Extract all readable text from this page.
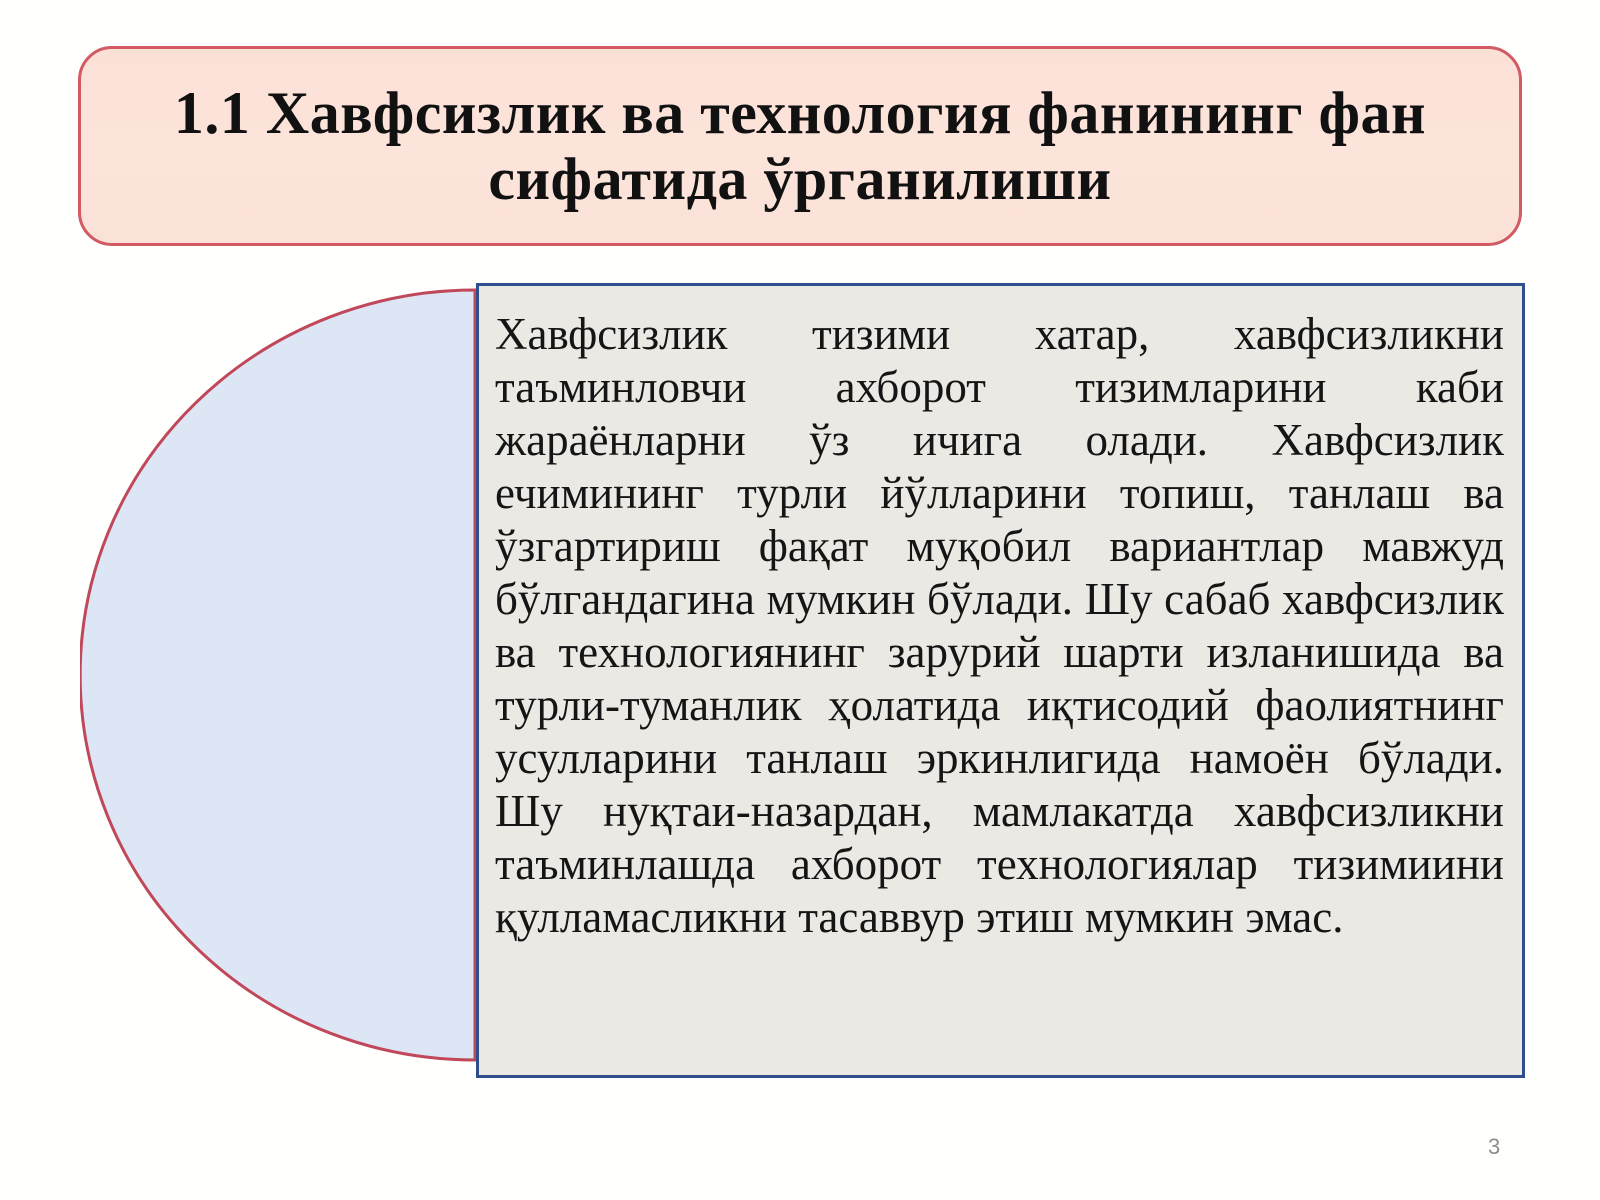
1.1 Хавфсизлик ва технология фанининг фан сифатида ўрганилиши

Хавфсизлик тизими хатар, хавфсизликни таъминловчи ахборот тизимларини каби жараёнларни ўз ичига олади. Хавфсизлик ечимининг турли йўлларини топиш, танлаш ва ўзгартириш фақат муқобил вариантлар мавжуд бўлгандагина мумкин бўлади. Шу сабаб хавфсизлик ва технологиянинг зарурий шарти изланишида ва турли-туманлик ҳолатида иқтисодий фаолиятнинг усулларини танлаш эркинлигида намоён бўлади. Шу нуқтаи-назардан, мамлакатда хавфсизликни таъминлашда ахборот технологиялар тизимиини қулламасликни тасаввур этиш мумкин эмас.

3
